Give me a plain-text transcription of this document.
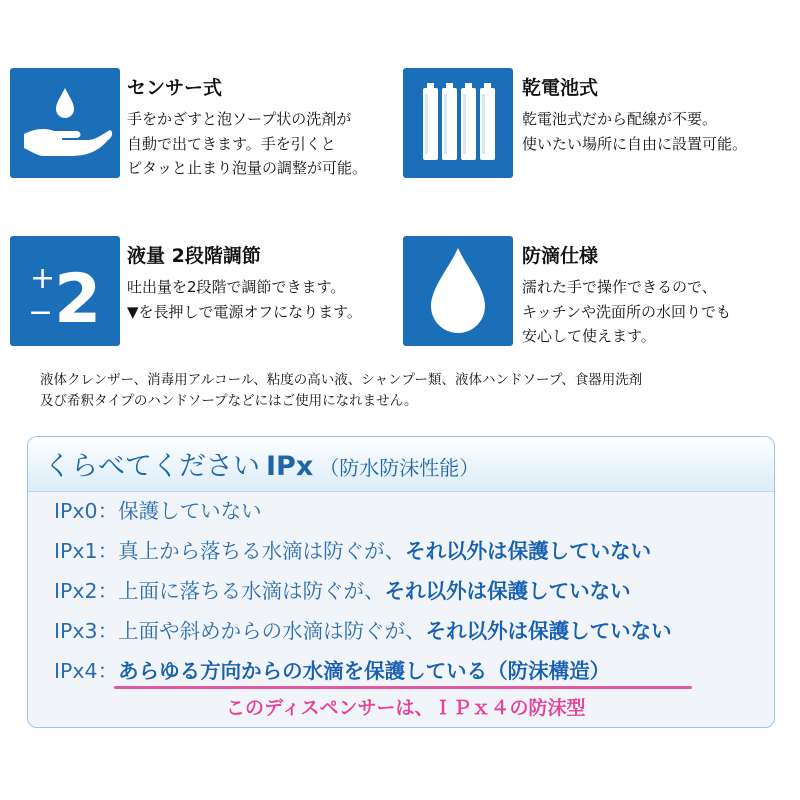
センサー式
手をかざすと泡ソープ状の洗剤が
自動で出てきます。手を引くと
ピタッと止まり泡量の調整が可能。
乾電池式
乾電池式だから配線が不要。
使いたい場所に自由に設置可能。
+
− 2
液量 2段階調節
吐出量を2段階で調節できます。
▼を長押しで電源オフになります。
防滴仕様
濡れた手で操作できるので、
キッチンや洗面所の水回りでも
安心して使えます。
液体クレンザー、消毒用アルコール、粘度の高い液、シャンプー類、液体ハンドソープ、食器用洗剤
及び希釈タイプのハンドソープなどにはご使用になれません。
くらべてください IPx （防水防沫性能）
IPx0：保護していない
IPx1：真上から落ちる水滴は防ぐが、それ以外は保護していない
IPx2：上面に落ちる水滴は防ぐが、それ以外は保護していない
IPx3：上面や斜めからの水滴は防ぐが、それ以外は保護していない
IPx4：あらゆる方向からの水滴を保護している（防沫構造）
このディスペンサーは、ＩＰｘ４の防沫型
